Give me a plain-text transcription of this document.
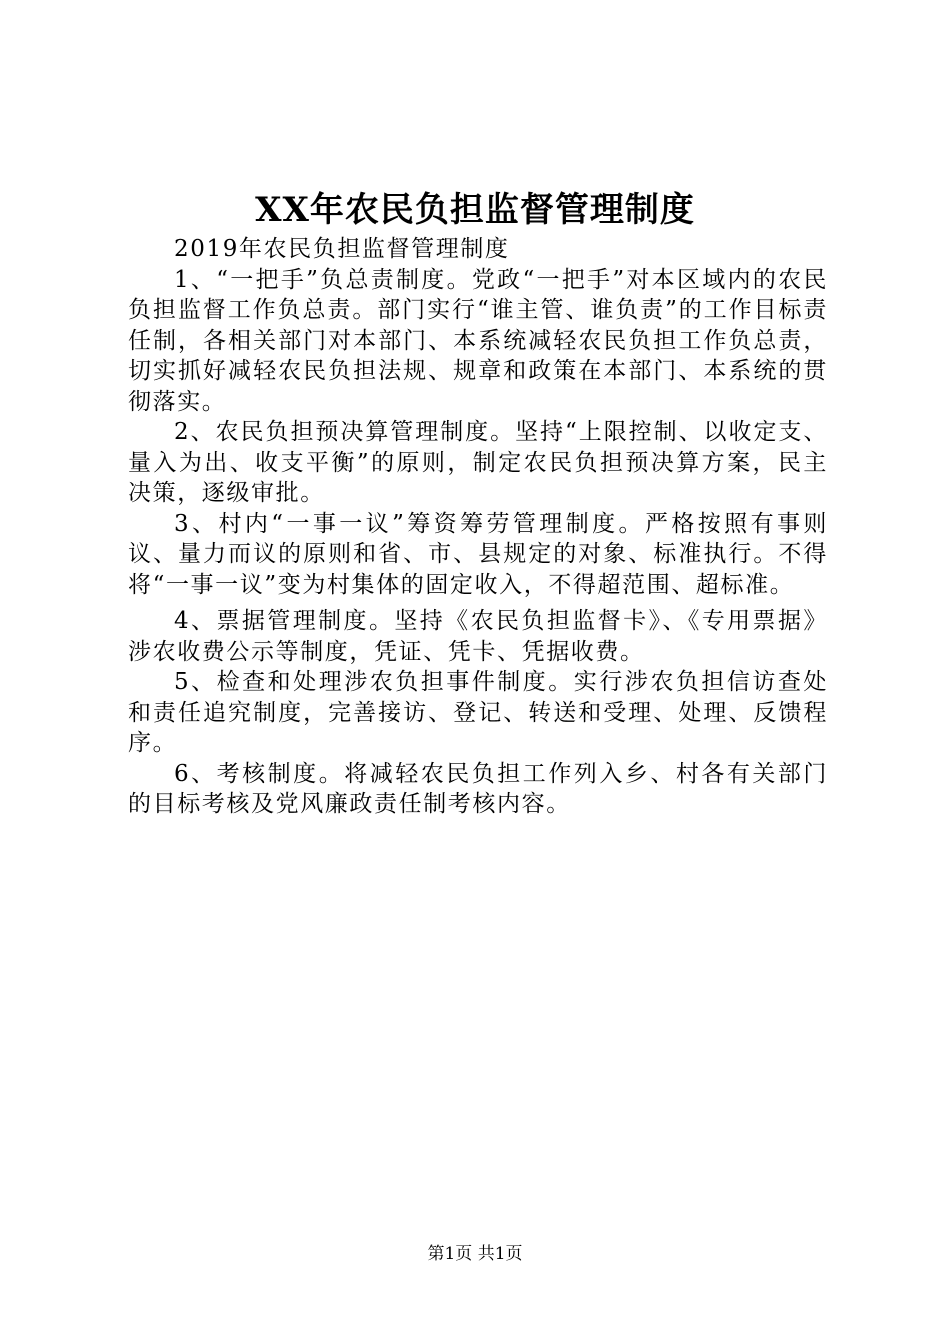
XX年农民负担监督管理制度

2019年农民负担监督管理制度

1、“一把手”负总责制度。党政“一把手”对本区域内的农民负担监督工作负总责。部门实行“谁主管、谁负责”的工作目标责任制，各相关部门对本部门、本系统减轻农民负担工作负总责，切实抓好减轻农民负担法规、规章和政策在本部门、本系统的贯彻落实。

2、农民负担预决算管理制度。坚持“上限控制、以收定支、量入为出、收支平衡”的原则，制定农民负担预决算方案，民主决策，逐级审批。

3、村内“一事一议”筹资筹劳管理制度。严格按照有事则议、量力而议的原则和省、市、县规定的对象、标准执行。不得将“一事一议”变为村集体的固定收入，不得超范围、超标准。

4、票据管理制度。坚持《农民负担监督卡》、《专用票据》涉农收费公示等制度，凭证、凭卡、凭据收费。

5、检查和处理涉农负担事件制度。实行涉农负担信访查处和责任追究制度，完善接访、登记、转送和受理、处理、反馈程序。

6、考核制度。将减轻农民负担工作列入乡、村各有关部门的目标考核及党风廉政责任制考核内容。

第1页 共1页
